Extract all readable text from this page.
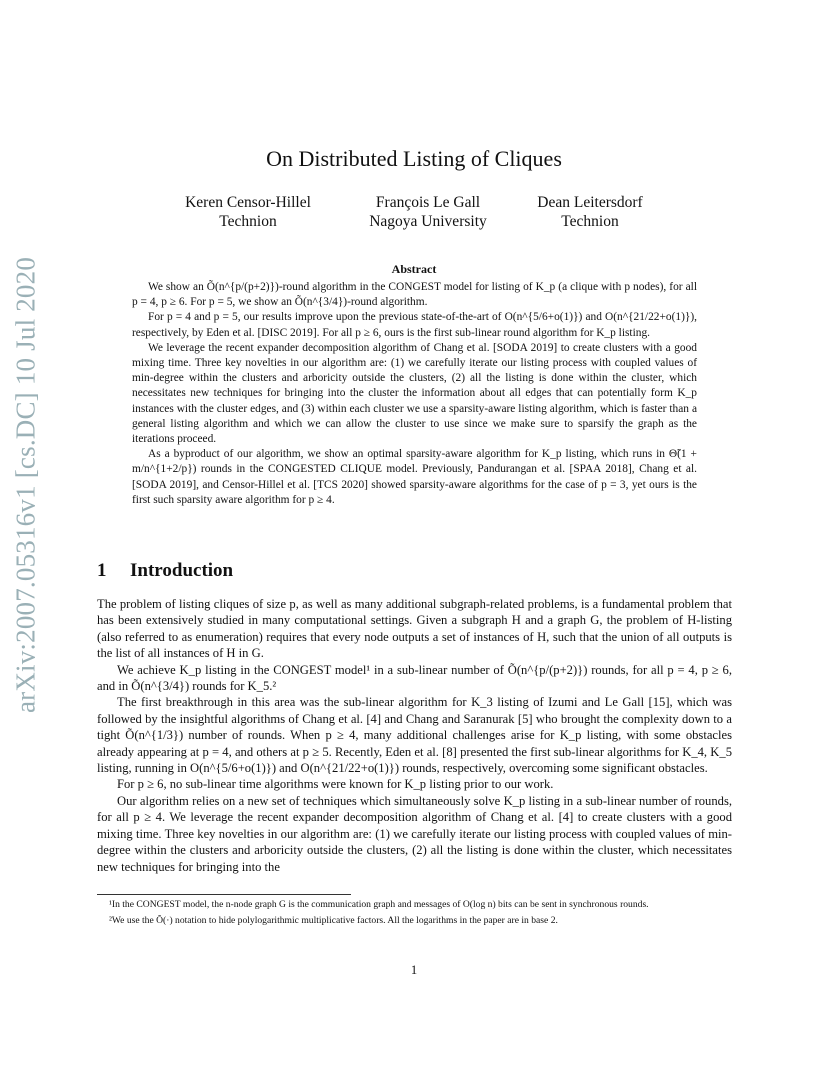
arXiv:2007.05316v1 [cs.DC] 10 Jul 2020
On Distributed Listing of Cliques
Keren Censor-Hillel
Technion
François Le Gall
Nagoya University
Dean Leitersdorf
Technion
Abstract

We show an Õ(n^{p/(p+2)})-round algorithm in the CONGEST model for listing of K_p (a clique with p nodes), for all p = 4, p ≥ 6. For p = 5, we show an Õ(n^{3/4})-round algorithm.

For p = 4 and p = 5, our results improve upon the previous state-of-the-art of O(n^{5/6+o(1)}) and O(n^{21/22+o(1)}), respectively, by Eden et al. [DISC 2019]. For all p ≥ 6, ours is the first sub-linear round algorithm for K_p listing.

We leverage the recent expander decomposition algorithm of Chang et al. [SODA 2019] to create clusters with a good mixing time. Three key novelties in our algorithm are: (1) we carefully iterate our listing process with coupled values of min-degree within the clusters and arboricity outside the clusters, (2) all the listing is done within the cluster, which necessitates new techniques for bringing into the cluster the information about all edges that can potentially form K_p instances with the cluster edges, and (3) within each cluster we use a sparsity-aware listing algorithm, which is faster than a general listing algorithm and which we can allow the cluster to use since we make sure to sparsify the graph as the iterations proceed.

As a byproduct of our algorithm, we show an optimal sparsity-aware algorithm for K_p listing, which runs in Θ̃(1 + m/n^{1+2/p}) rounds in the CONGESTED CLIQUE model. Previously, Pandurangan et al. [SPAA 2018], Chang et al. [SODA 2019], and Censor-Hillel et al. [TCS 2020] showed sparsity-aware algorithms for the case of p = 3, yet ours is the first such sparsity aware algorithm for p ≥ 4.

1 Introduction

The problem of listing cliques of size p, as well as many additional subgraph-related problems, is a fundamental problem that has been extensively studied in many computational settings. Given a subgraph H and a graph G, the problem of H-listing (also referred to as enumeration) requires that every node outputs a set of instances of H, such that the union of all outputs is the list of all instances of H in G.

We achieve K_p listing in the CONGEST model¹ in a sub-linear number of Õ(n^{p/(p+2)}) rounds, for all p = 4, p ≥ 6, and in Õ(n^{3/4}) rounds for K_5.²

The first breakthrough in this area was the sub-linear algorithm for K_3 listing of Izumi and Le Gall [15], which was followed by the insightful algorithms of Chang et al. [4] and Chang and Saranurak [5] who brought the complexity down to a tight Õ(n^{1/3}) number of rounds. When p ≥ 4, many additional challenges arise for K_p listing, with some obstacles already appearing at p = 4, and others at p ≥ 5. Recently, Eden et al. [8] presented the first sub-linear algorithms for K_4, K_5 listing, running in O(n^{5/6+o(1)}) and O(n^{21/22+o(1)}) rounds, respectively, overcoming some significant obstacles.

For p ≥ 6, no sub-linear time algorithms were known for K_p listing prior to our work.

Our algorithm relies on a new set of techniques which simultaneously solve K_p listing in a sub-linear number of rounds, for all p ≥ 4. We leverage the recent expander decomposition algorithm of Chang et al. [4] to create clusters with a good mixing time. Three key novelties in our algorithm are: (1) we carefully iterate our listing process with coupled values of min-degree within the clusters and arboricity outside the clusters, (2) all the listing is done within the cluster, which necessitates new techniques for bringing into the

¹In the CONGEST model, the n-node graph G is the communication graph and messages of O(log n) bits can be sent in synchronous rounds.

²We use the Õ(·) notation to hide polylogarithmic multiplicative factors. All the logarithms in the paper are in base 2.

1
